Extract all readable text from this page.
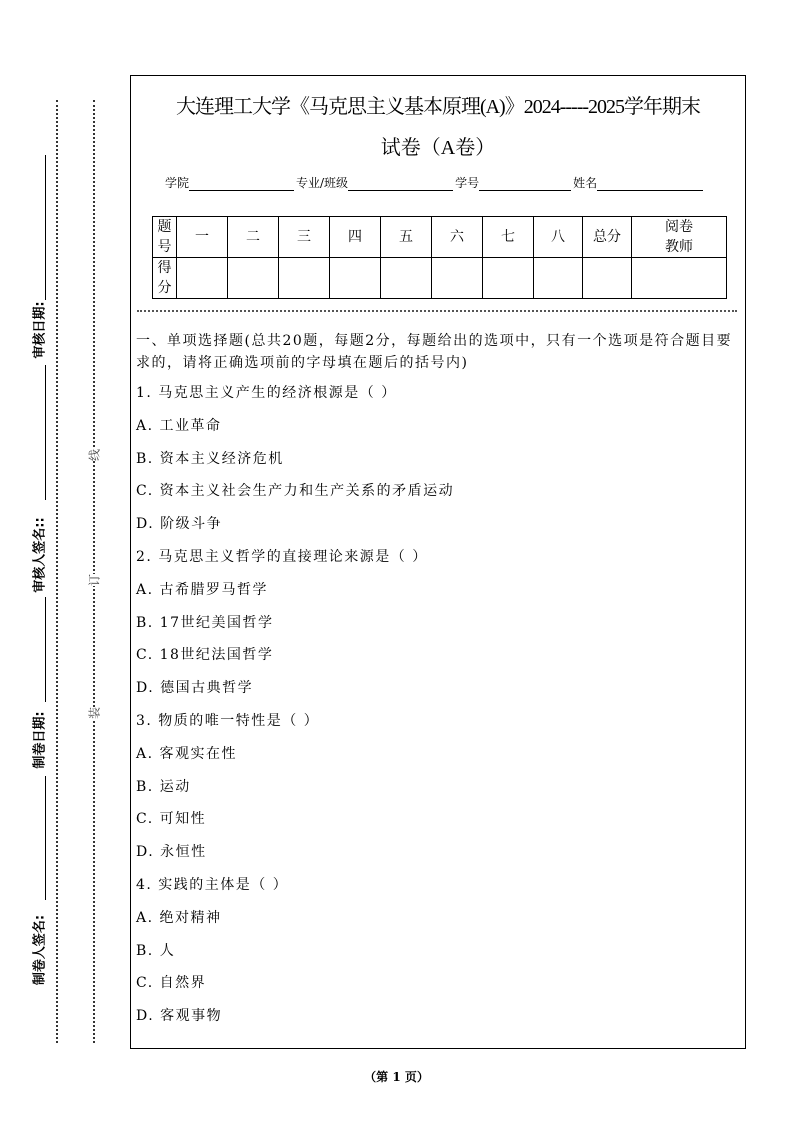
审核日期:
审核人签名::
制卷日期:
制卷人签名:
线
订
装
大连理工大学《马克思主义基本原理(A)》2024-----2025学年期末
试卷（A卷）
学院	专业/班级	学号	姓名
题号	一	二	三	四	五	六	七	八	总分	阅卷教师
得分										
一、单项选择题(总共20题，每题2分，每题给出的选项中，只有一个选项是符合题目要求的，请将正确选项前的字母填在题后的括号内)
1. 马克思主义产生的经济根源是（ ）
A. 工业革命
B. 资本主义经济危机
C. 资本主义社会生产力和生产关系的矛盾运动
D. 阶级斗争
2. 马克思主义哲学的直接理论来源是（ ）
A. 古希腊罗马哲学
B. 17世纪美国哲学
C. 18世纪法国哲学
D. 德国古典哲学
3. 物质的唯一特性是（ ）
A. 客观实在性
B. 运动
C. 可知性
D. 永恒性
4. 实践的主体是（ ）
A. 绝对精神
B. 人
C. 自然界
D. 客观事物
（第 1 页）
